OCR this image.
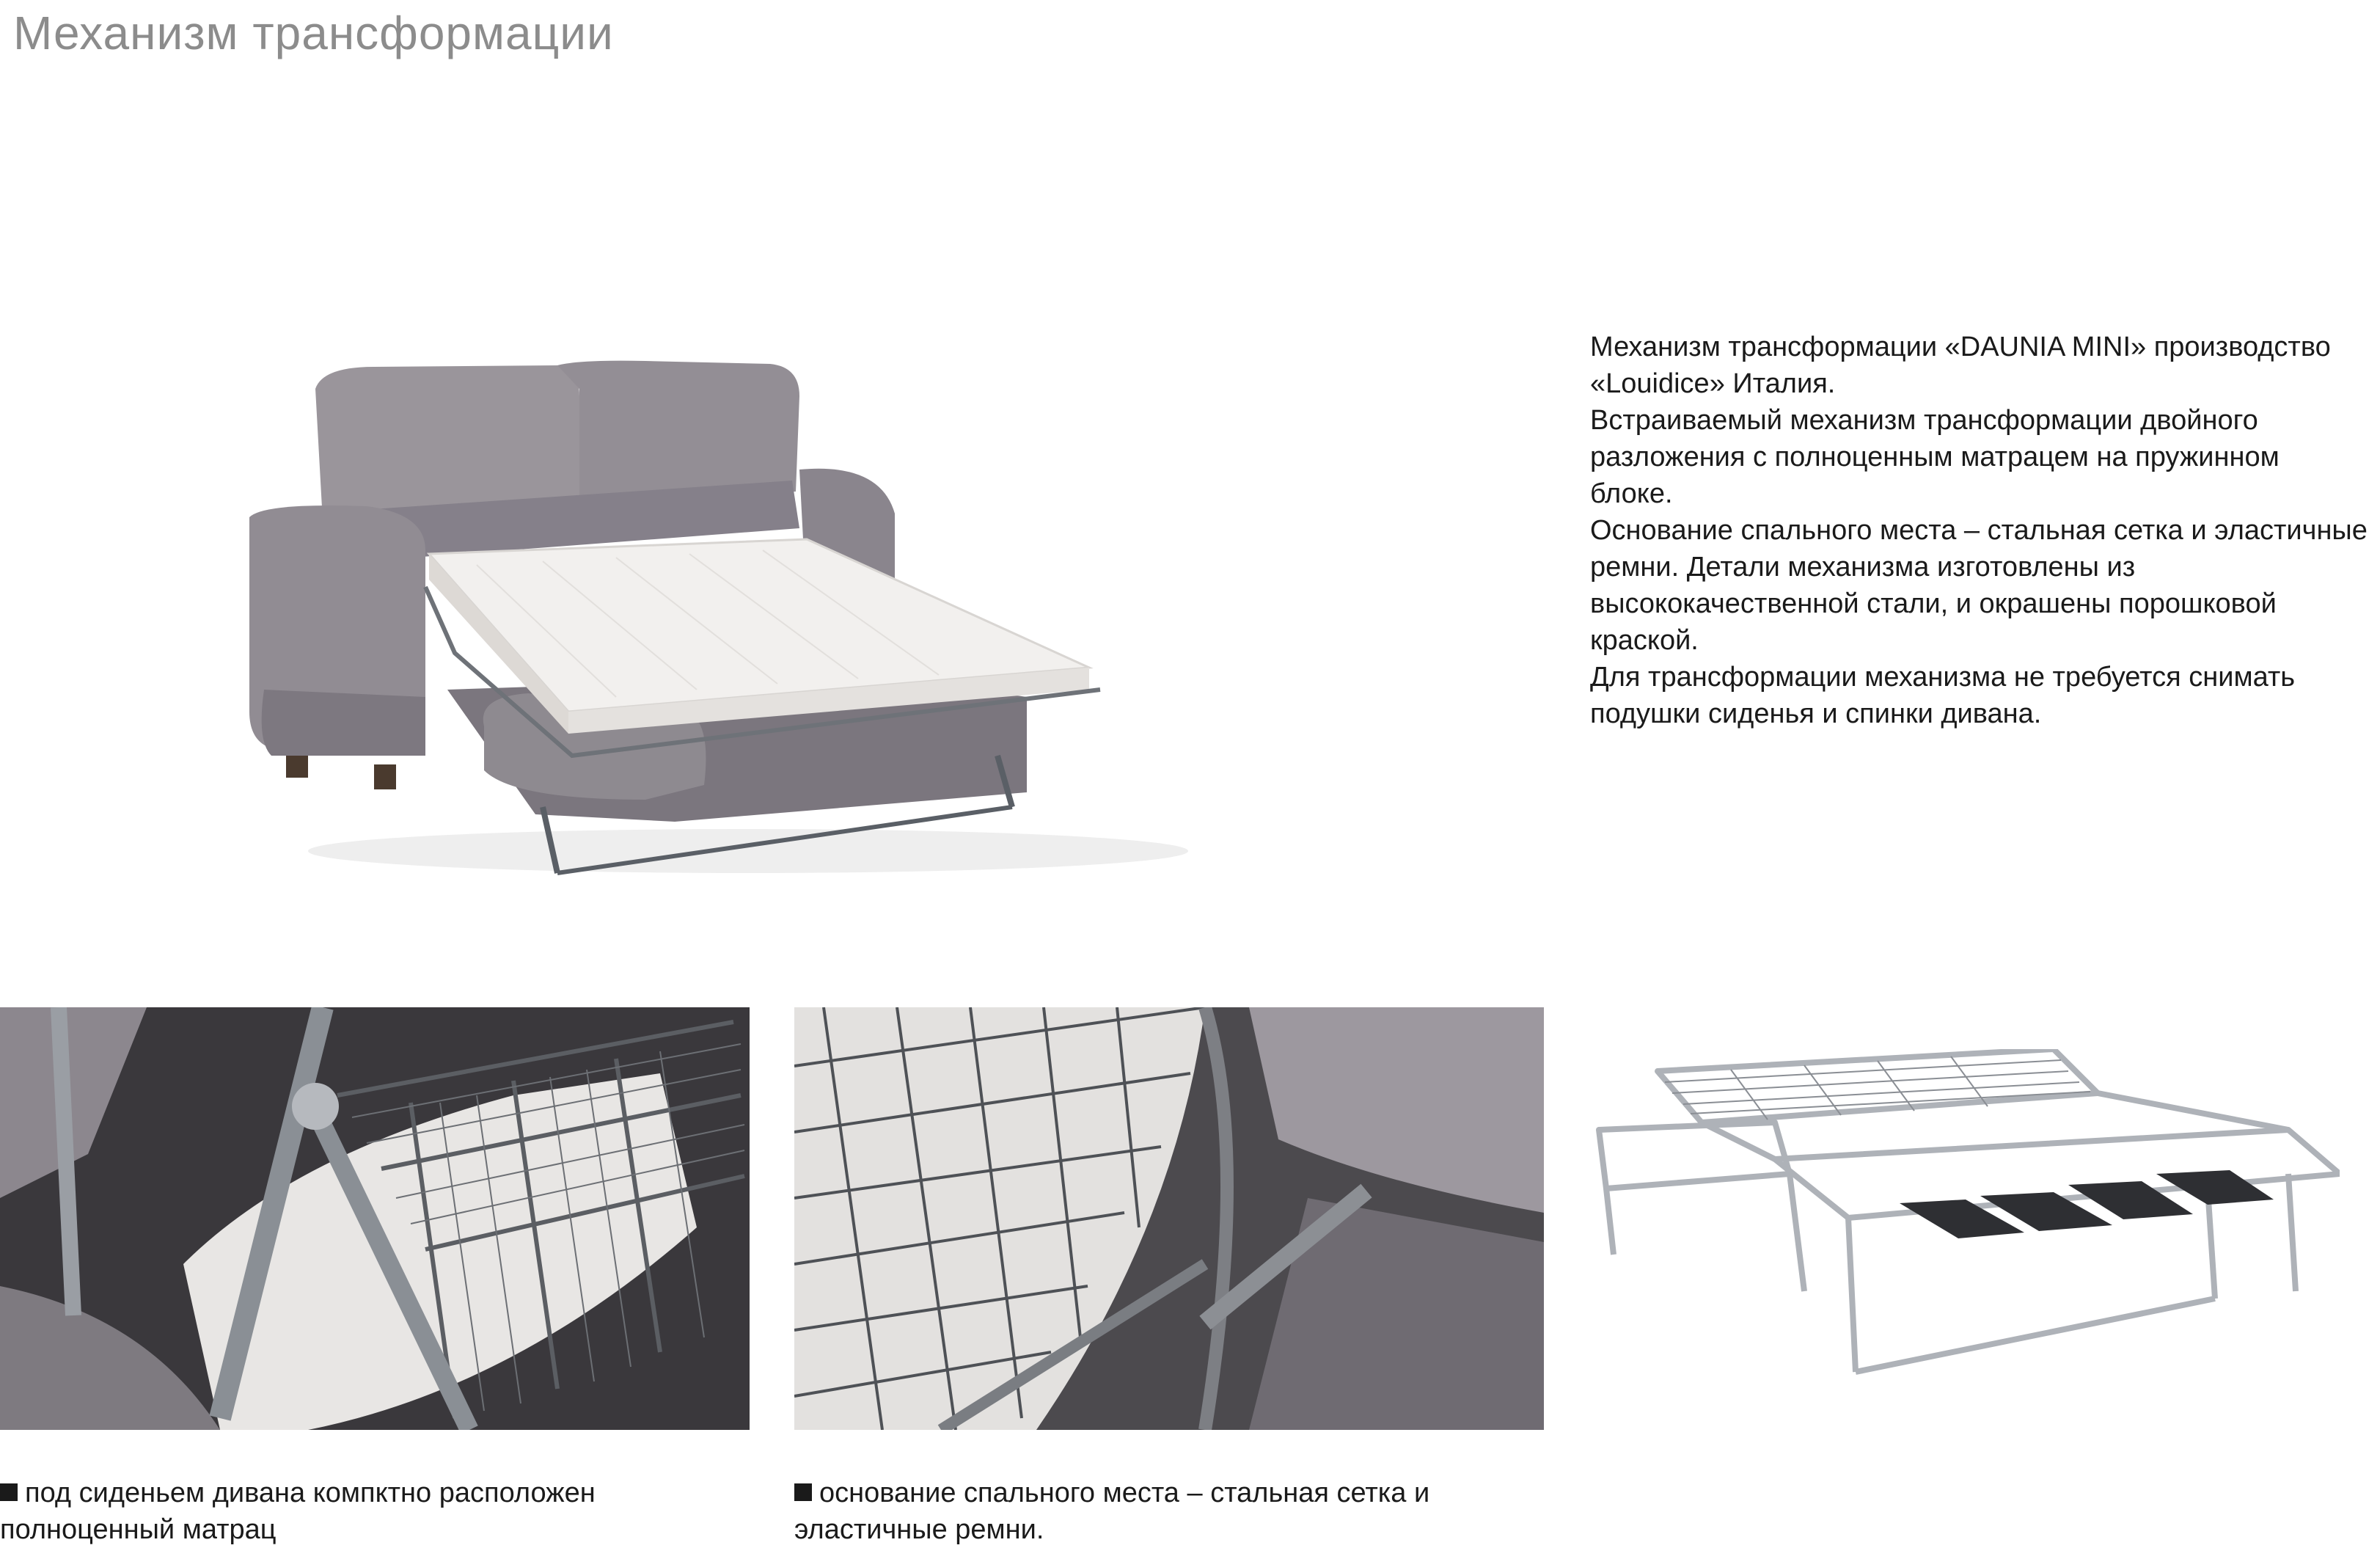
Механизм трансформации

Механизм трансформации «DAUNIA MINI» производство «Louidice» Италия.

Встраиваемый механизм трансформации двойного разложения с полноценным матрацем на пружинном блоке.

Основание спального места – стальная сетка и эластичные ремни. Детали механизма изготовлены из высококачественной стали, и окрашены порошковой краской.

Для трансформации механизма не требуется снимать подушки сиденья и спинки дивана.

под сиденьем дивана компктно расположен полноценный матрац
основание спального места – стальная сетка и эластичные ремни.
